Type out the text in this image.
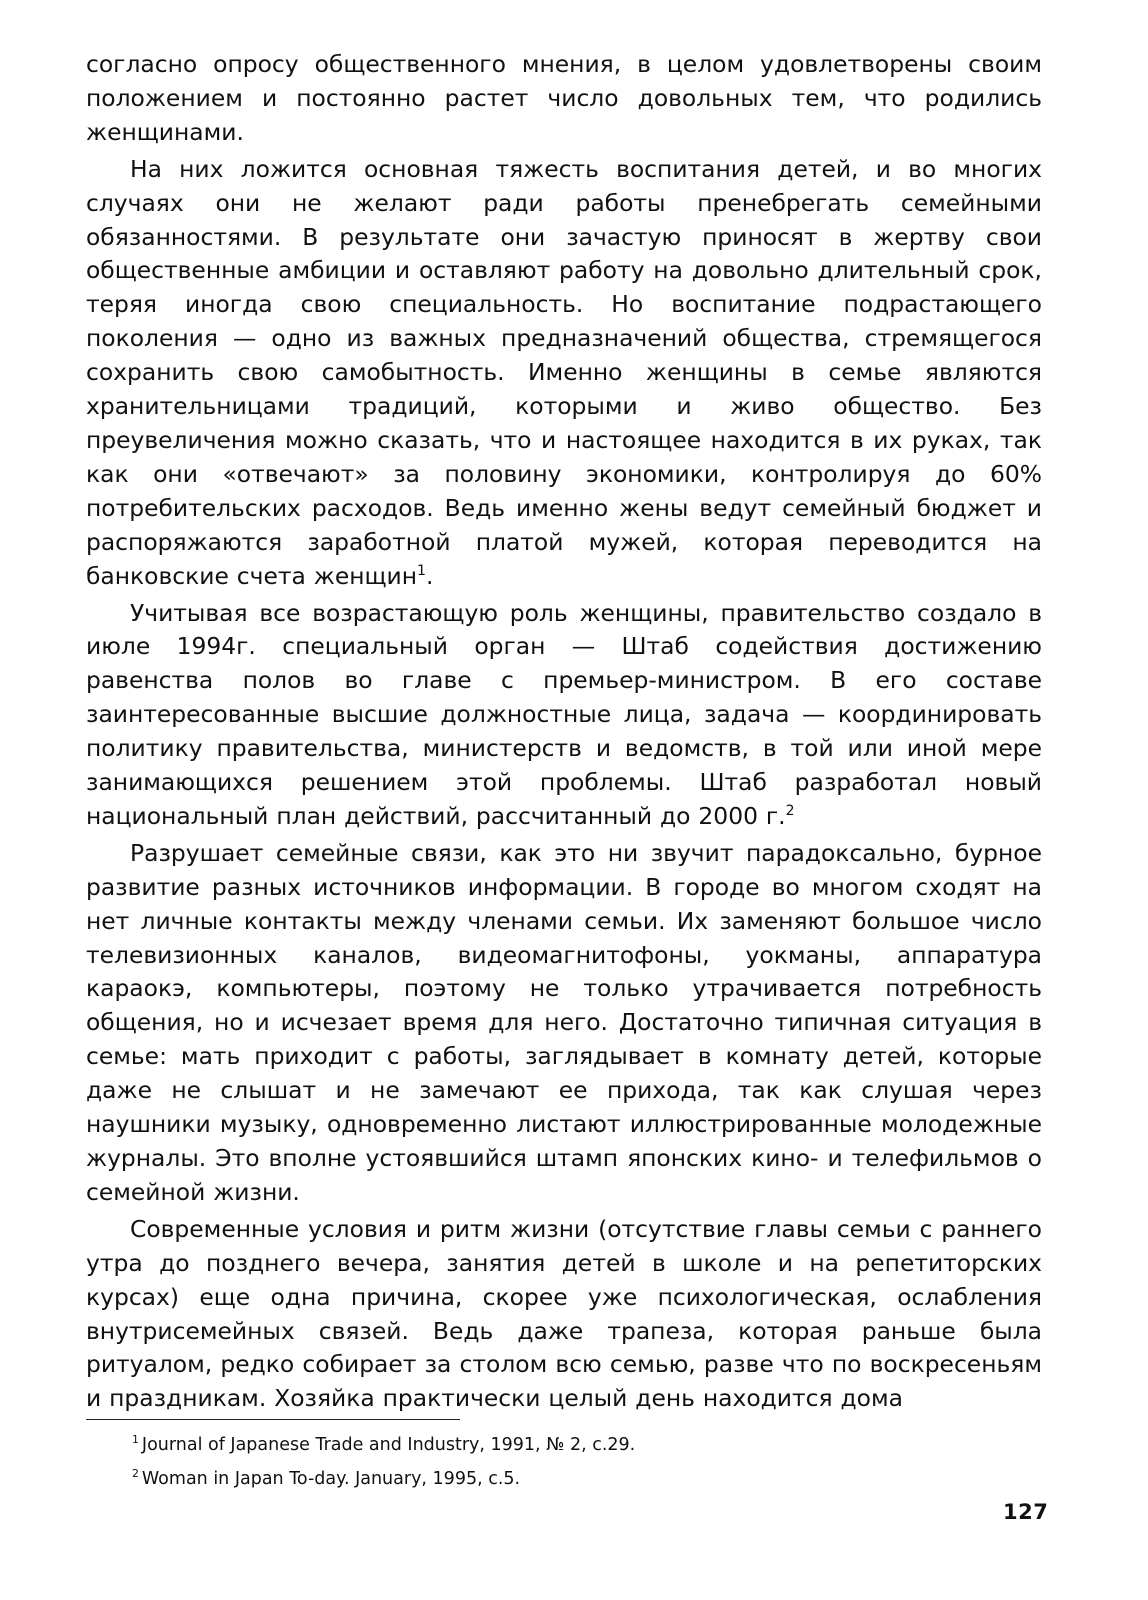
согласно опросу общественного мнения, в целом удовлетворены своим положением и постоянно растет число довольных тем, что родились женщинами.

На них ложится основная тяжесть воспитания детей, и во многих случаях они не желают ради работы пренебрегать семейными обязанностями. В результате они зачастую приносят в жертву свои общественные амбиции и оставляют работу на довольно длительный срок, теряя иногда свою специальность. Но воспитание подрастающего поколения — одно из важных предназначений общества, стремящегося сохранить свою самобытность. Именно женщины в семье являются хранительницами традиций, которыми и живо общество. Без преувеличения можно сказать, что и настоящее находится в их руках, так как они «отвечают» за половину экономики, контролируя до 60% потребительских расходов. Ведь именно жены ведут семейный бюджет и распоряжаются заработной платой мужей, которая переводится на банковские счета женщин$^1$.

Учитывая все возрастающую роль женщины, правительство создало в июле 1994г. специальный орган — Штаб содействия достижению равенства полов во главе с премьер-министром. В его составе заинтересованные высшие должностные лица, задача — координировать политику правительства, министерств и ведомств, в той или иной мере занимающихся решением этой проблемы. Штаб разработал новый национальный план действий, рассчитанный до 2000 г.$^2$

Разрушает семейные связи, как это ни звучит парадоксально, бурное развитие разных источников информации. В городе во многом сходят на нет личные контакты между членами семьи. Их заменяют большое число телевизионных каналов, видеомагнитофоны, уокманы, аппаратура караокэ, компьютеры, поэтому не только утрачивается потребность общения, но и исчезает время для него. Достаточно типичная ситуация в семье: мать приходит с работы, заглядывает в комнату детей, которые даже не слышат и не замечают ее прихода, так как слушая через наушники музыку, одновременно листают иллюстрированные молодежные журналы. Это вполне устоявшийся штамп японских кино- и телефильмов о семейной жизни.

Современные условия и ритм жизни (отсутствие главы семьи с раннего утра до позднего вечера, занятия детей в школе и на репетиторских курсах) еще одна причина, скорее уже психологическая, ослабления внутрисемейных связей. Ведь даже трапеза, которая раньше была ритуалом, редко собирает за столом всю семью, разве что по воскресеньям и праздникам. Хозяйка практически целый день находится дома

$^1$ Journal of Japanese Trade and Industry, 1991, № 2, с.29.

$^2$ Woman in Japan To-day. January, 1995, с.5.

127
